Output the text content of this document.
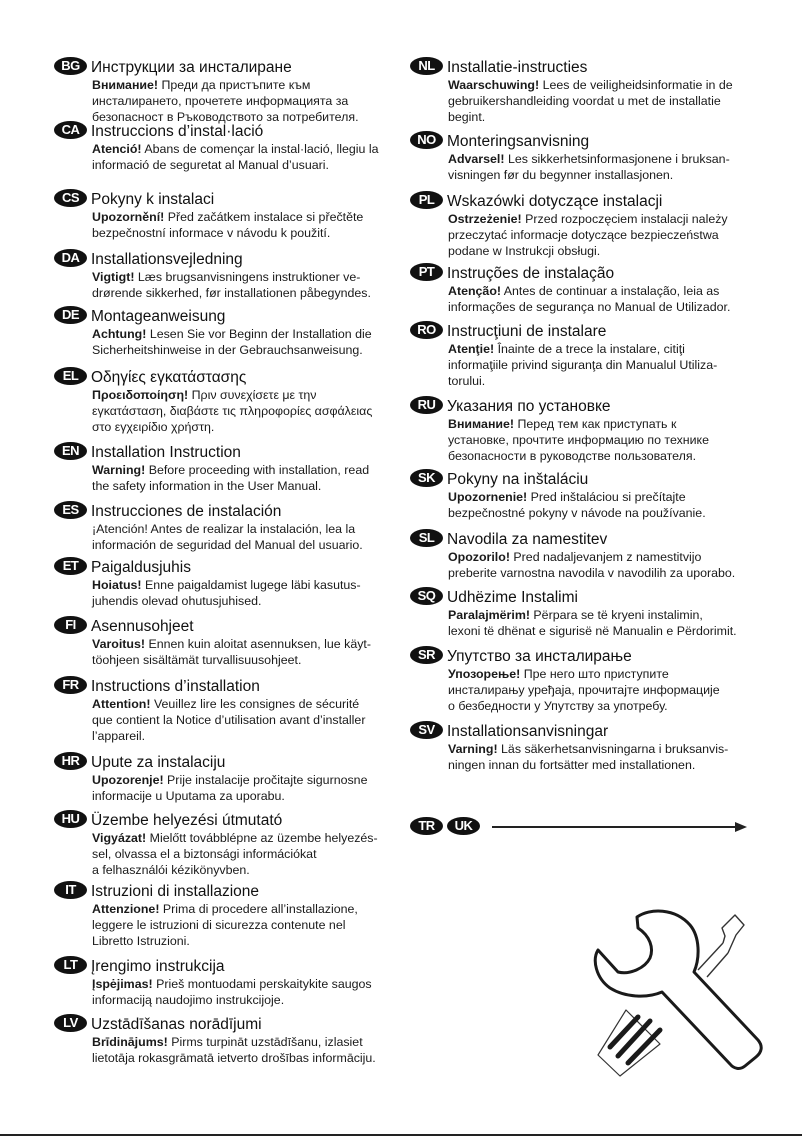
BG Инструкции за инсталиране
Внимание! Преди да пристъпите към
инсталирането, прочетете информацията за
безопасност в Ръководството за потребителя.
CA Instruccions d’instal·lació
Atenció! Abans de començar la instal·lació, llegiu la
informació de seguretat al Manual d’usuari.
CS Pokyny k instalaci
Upozornění! Před začátkem instalace si přečtěte
bezpečnostní informace v návodu k použití.
DA Installationsvejledning
Vigtigt! Læs brugsanvisningens instruktioner ve-
drørende sikkerhed, før installationen påbegyndes.
DE Montageanweisung
Achtung! Lesen Sie vor Beginn der Installation die
Sicherheitshinweise in der Gebrauchsanweisung.
EL Οδηγίες εγκατάστασης
Προειδοποίηση! Πριν συνεχίσετε με την
εγκατάσταση, διαβάστε τις πληροφορίες ασφάλειας
στο εγχειρίδιο χρήστη.
EN Installation Instruction
Warning! Before proceeding with installation, read
the safety information in the User Manual.
ES Instrucciones de instalación
¡Atención! Antes de realizar la instalación, lea la
información de seguridad del Manual del usuario.
ET Paigaldusjuhis
Hoiatus! Enne paigaldamist lugege läbi kasutus-
juhendis olevad ohutusjuhised.
FI Asennusohjeet
Varoitus! Ennen kuin aloitat asennuksen, lue käyt-
töohjeen sisältämät turvallisuusohjeet.
FR Instructions d’installation
Attention! Veuillez lire les consignes de sécurité
que contient la Notice d’utilisation avant d’installer
l’appareil.
HR Upute za instalaciju
Upozorenje! Prije instalacije pročitajte sigurnosne
informacije u Uputama za uporabu.
HU Üzembe helyezési útmutató
Vigyázat! Mielőtt továbblépne az üzembe helyezés-
sel, olvassa el a biztonsági információkat
a felhasználói kézikönyvben.
IT Istruzioni di installazione
Attenzione! Prima di procedere all’installazione,
leggere le istruzioni di sicurezza contenute nel
Libretto Istruzioni.
LT Įrengimo instrukcija
Įspėjimas! Prieš montuodami perskaitykite saugos
informaciją naudojimo instrukcijoje.
LV Uzstādīšanas norādījumi
Brīdinājums! Pirms turpināt uzstādīšanu, izlasiet
lietotāja rokasgrāmatā ietverto drošības informāciju.
NL Installatie-instructies
Waarschuwing! Lees de veiligheidsinformatie in de
gebruikershandleiding voordat u met de installatie
begint.
NO Monteringsanvisning
Advarsel! Les sikkerhetsinformasjonene i bruksan-
visningen før du begynner installasjonen.
PL Wskazówki dotyczące instalacji
Ostrzeżenie! Przed rozpoczęciem instalacji należy
przeczytać informacje dotyczące bezpieczeństwa
podane w Instrukcji obsługi.
PT Instruções de instalação
Atenção! Antes de continuar a instalação, leia as
informações de segurança no Manual de Utilizador.
RO Instrucţiuni de instalare
Atenţie! Înainte de a trece la instalare, citiţi
informaţiile privind siguranţa din Manualul Utiliza-
torului.
RU Указания по установке
Внимание! Перед тем как приступать к
установке, прочтите информацию по технике
безопасности в руководстве пользователя.
SK Pokyny na inštaláciu
Upozornenie! Pred inštaláciou si prečítajte
bezpečnostné pokyny v návode na používanie.
SL Navodila za namestitev
Opozorilo! Pred nadaljevanjem z namestitvijo
preberite varnostna navodila v navodilih za uporabo.
SQ Udhëzime Instalimi
Paralajmërim! Përpara se të kryeni instalimin,
lexoni të dhënat e sigurisë në Manualin e Përdorimit.
SR Упутство за инсталирање
Упозорење! Пре него што приступите
инсталирању уређаја, прочитајте информације
о безбедности у Упутству за употребу.
SV Installationsanvisningar
Varning! Läs säkerhetsanvisningarna i bruksanvis-
ningen innan du fortsätter med installationen.
TR	UK
